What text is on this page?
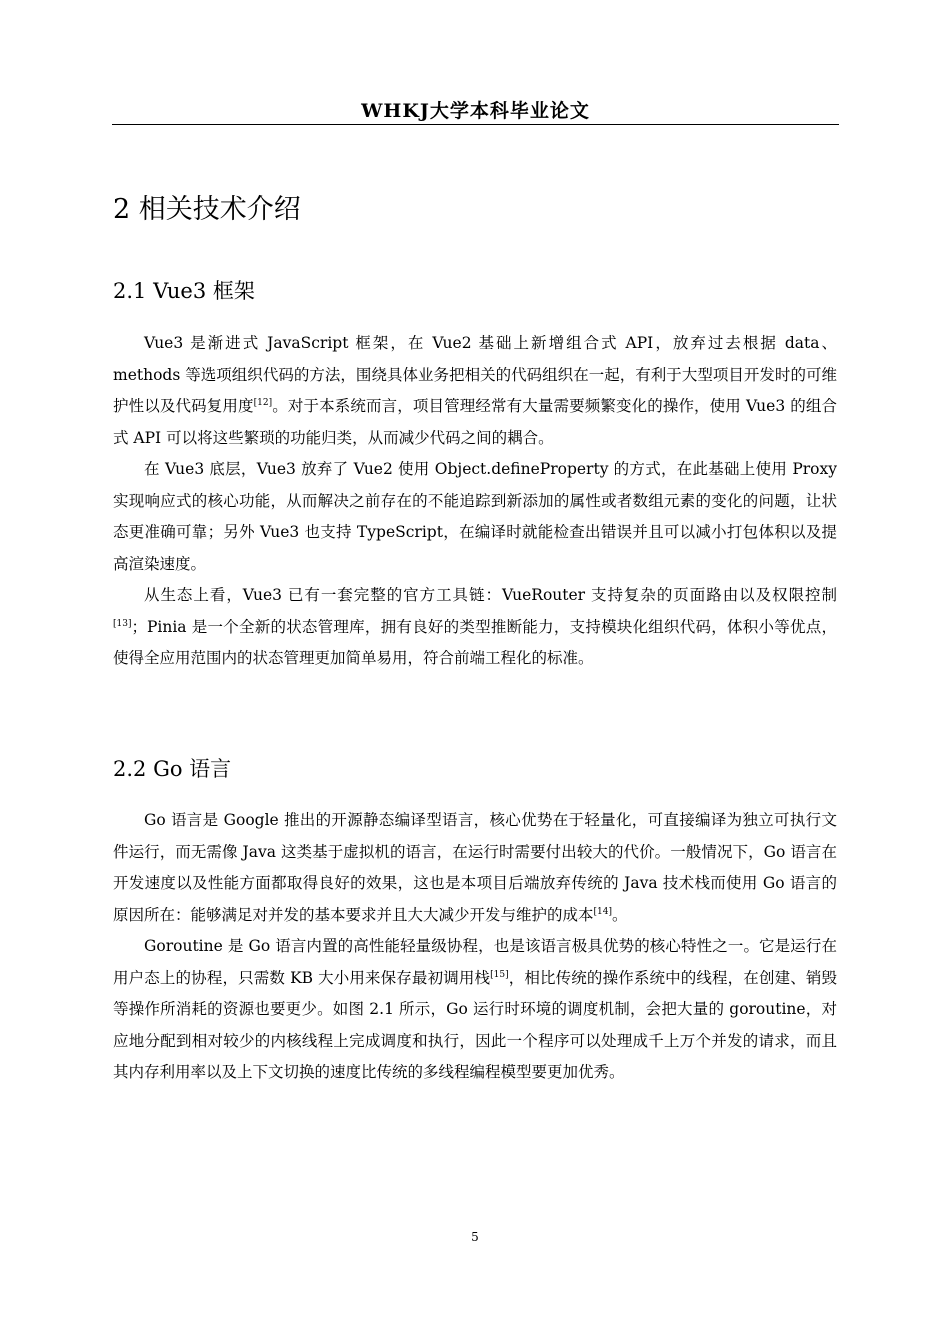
WHKJ大学本科毕业论文
2 相关技术介绍
2.1 Vue3 框架

Vue3 是渐进式 JavaScript 框架，在 Vue2 基础上新增组合式 API，放弃过去根据 data、methods 等选项组织代码的方法，围绕具体业务把相关的代码组织在一起，有利于大型项目开发时的可维护性以及代码复用度[12]。对于本系统而言，项目管理经常有大量需要频繁变化的操作，使用 Vue3 的组合式 API 可以将这些繁琐的功能归类，从而减少代码之间的耦合。

在 Vue3 底层，Vue3 放弃了 Vue2 使用 Object.defineProperty 的方式，在此基础上使用 Proxy 实现响应式的核心功能，从而解决之前存在的不能追踪到新添加的属性或者数组元素的变化的问题，让状态更准确可靠；另外 Vue3 也支持 TypeScript，在编译时就能检查出错误并且可以减小打包体积以及提高渲染速度。

从生态上看，Vue3 已有一套完整的官方工具链：VueRouter 支持复杂的页面路由以及权限控制[13]；Pinia 是一个全新的状态管理库，拥有良好的类型推断能力，支持模块化组织代码，体积小等优点，使得全应用范围内的状态管理更加简单易用，符合前端工程化的标准。

2.2 Go 语言

Go 语言是 Google 推出的开源静态编译型语言，核心优势在于轻量化，可直接编译为独立可执行文件运行，而无需像 Java 这类基于虚拟机的语言，在运行时需要付出较大的代价。一般情况下，Go 语言在开发速度以及性能方面都取得良好的效果，这也是本项目后端放弃传统的 Java 技术栈而使用 Go 语言的原因所在：能够满足对并发的基本要求并且大大减少开发与维护的成本[14]。

Goroutine 是 Go 语言内置的高性能轻量级协程，也是该语言极具优势的核心特性之一。它是运行在用户态上的协程，只需数 KB 大小用来保存最初调用栈[15]，相比传统的操作系统中的线程，在创建、销毁等操作所消耗的资源也要更少。如图 2.1 所示，Go 运行时环境的调度机制，会把大量的 goroutine，对应地分配到相对较少的内核线程上完成调度和执行，因此一个程序可以处理成千上万个并发的请求，而且其内存利用率以及上下文切换的速度比传统的多线程编程模型要更加优秀。

5
